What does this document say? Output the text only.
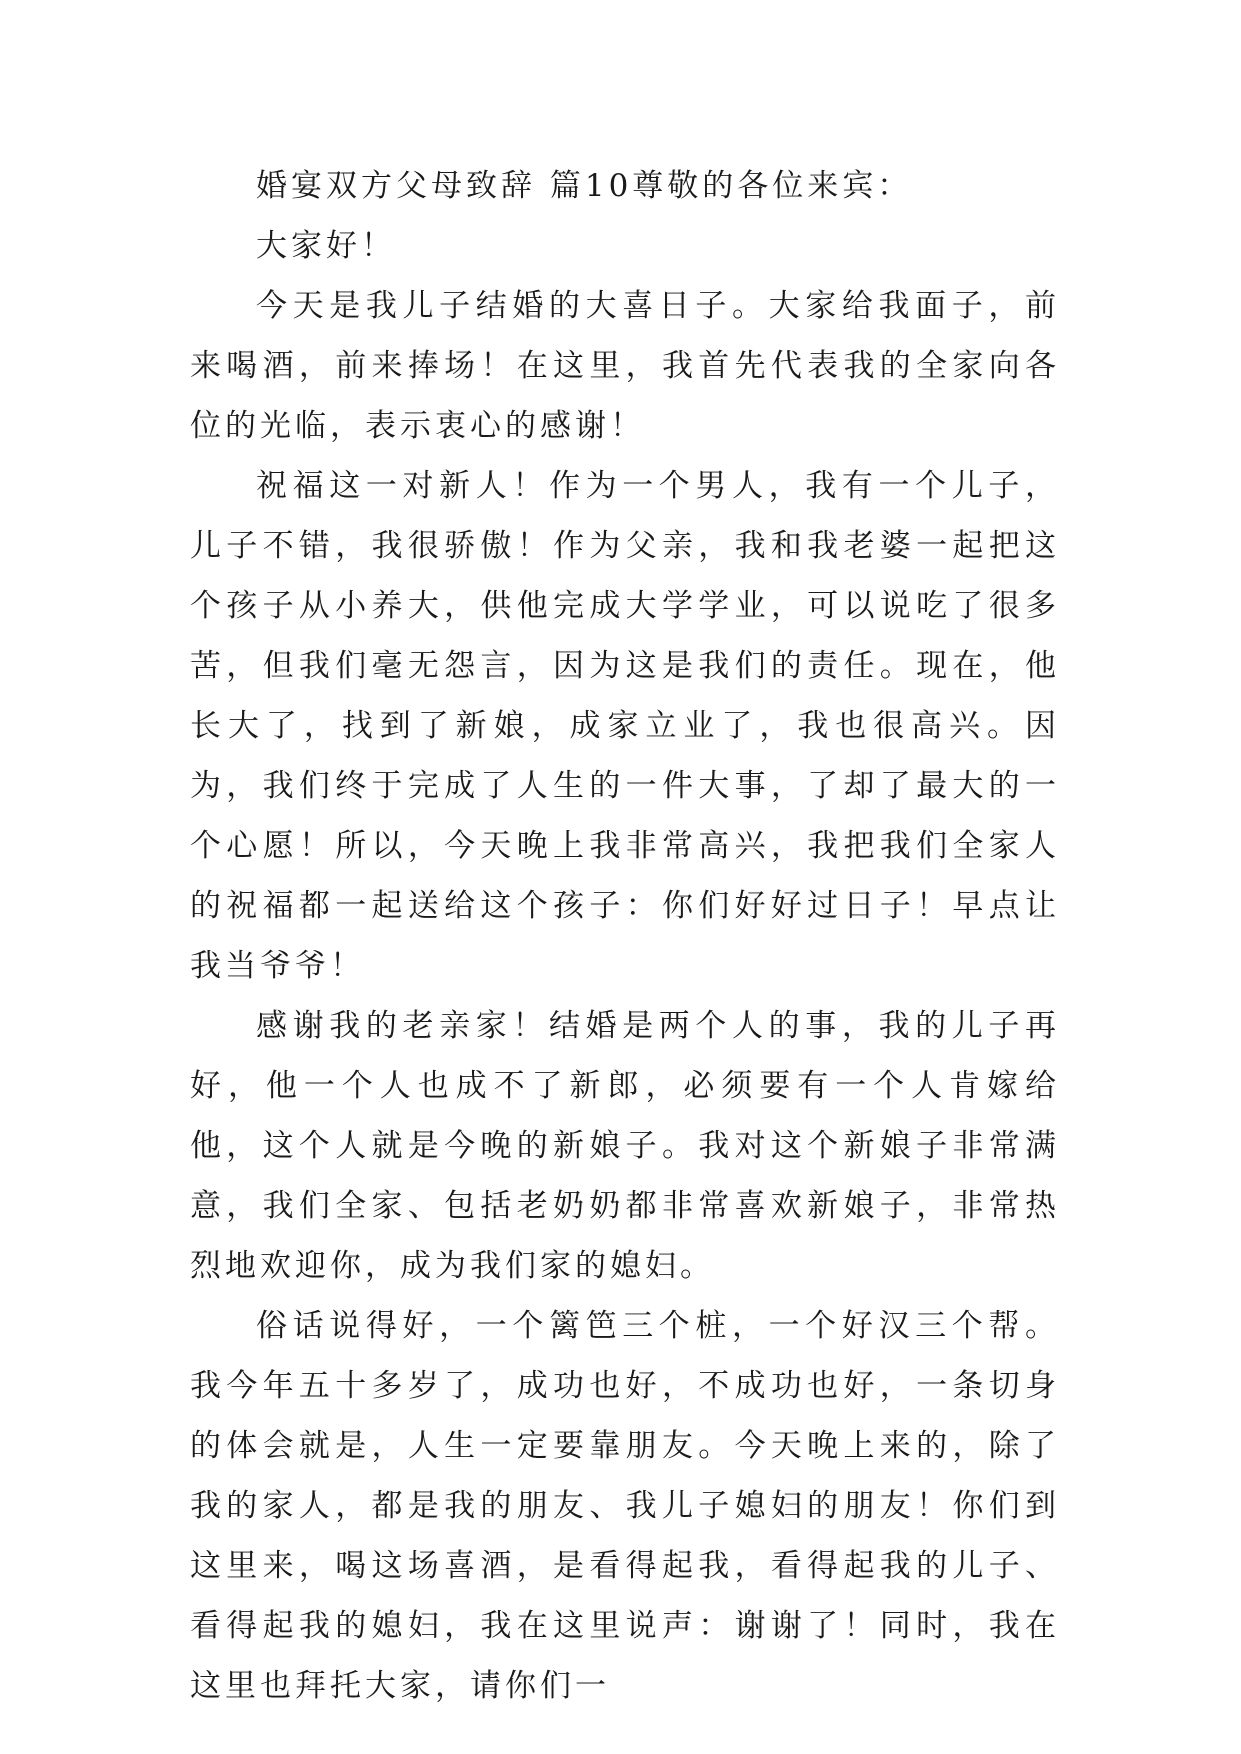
婚宴双方父母致辞 篇10尊敬的各位来宾：

大家好！

今天是我儿子结婚的大喜日子。大家给我面子，前来喝酒，前来捧场！在这里，我首先代表我的全家向各位的光临，表示衷心的感谢！

祝福这一对新人！作为一个男人，我有一个儿子，儿子不错，我很骄傲！作为父亲，我和我老婆一起把这个孩子从小养大，供他完成大学学业，可以说吃了很多苦，但我们毫无怨言，因为这是我们的责任。现在，他长大了，找到了新娘，成家立业了，我也很高兴。因为，我们终于完成了人生的一件大事，了却了最大的一个心愿！所以，今天晚上我非常高兴，我把我们全家人的祝福都一起送给这个孩子：你们好好过日子！早点让我当爷爷！

感谢我的老亲家！结婚是两个人的事，我的儿子再好，他一个人也成不了新郎，必须要有一个人肯嫁给他，这个人就是今晚的新娘子。我对这个新娘子非常满意，我们全家、包括老奶奶都非常喜欢新娘子，非常热烈地欢迎你，成为我们家的媳妇。

俗话说得好，一个篱笆三个桩，一个好汉三个帮。我今年五十多岁了，成功也好，不成功也好，一条切身的体会就是，人生一定要靠朋友。今天晚上来的，除了我的家人，都是我的朋友、我儿子媳妇的朋友！你们到这里来，喝这场喜酒，是看得起我，看得起我的儿子、看得起我的媳妇，我在这里说声：谢谢了！同时，我在这里也拜托大家，请你们一
